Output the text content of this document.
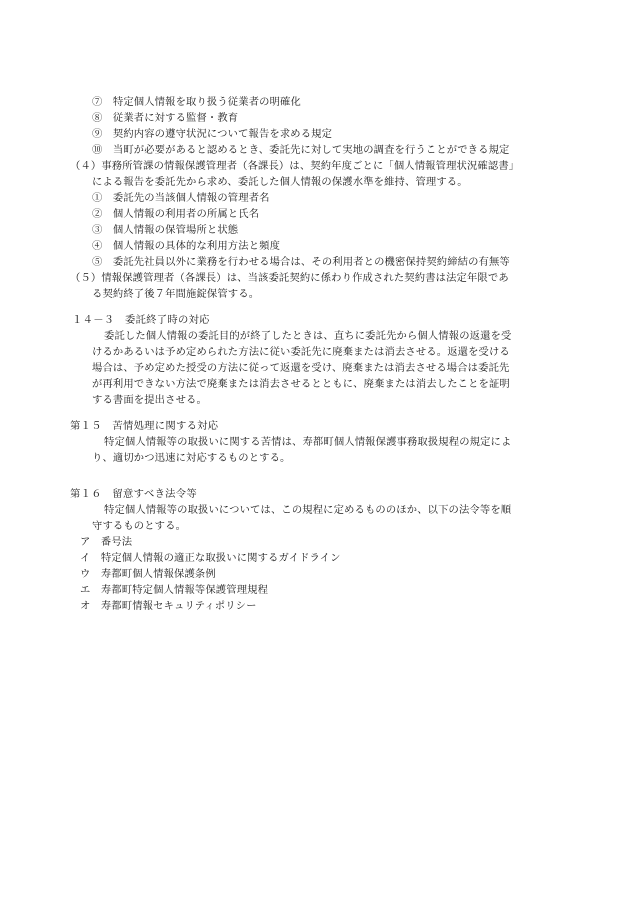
⑦　特定個人情報を取り扱う従業者の明確化
⑧　従業者に対する監督・教育
⑨　契約内容の遵守状況について報告を求める規定
⑩　当町が必要があると認めるとき、委託先に対して実地の調査を行うことができる規定
（４）事務所管課の情報保護管理者（各課長）は、契約年度ごとに「個人情報管理状況確認書」
による報告を委託先から求め、委託した個人情報の保護水準を維持、管理する。
①　委託先の当該個人情報の管理者名
②　個人情報の利用者の所属と氏名
③　個人情報の保管場所と状態
④　個人情報の具体的な利用方法と頻度
⑤　委託先社員以外に業務を行わせる場合は、その利用者との機密保持契約締結の有無等
（５）情報保護管理者（各課長）は、当該委託契約に係わり作成された契約書は法定年限であ
る契約終了後７年間施錠保管する。
１４－３　委託終了時の対応
委託した個人情報の委託目的が終了したときは、直ちに委託先から個人情報の返還を受
けるかあるいは予め定められた方法に従い委託先に廃棄または消去させる。返還を受ける
場合は、予め定めた授受の方法に従って返還を受け、廃棄または消去させる場合は委託先
が再利用できない方法で廃棄または消去させるとともに、廃棄または消去したことを証明
する書面を提出させる。
第１５　苦情処理に関する対応
特定個人情報等の取扱いに関する苦情は、寿都町個人情報保護事務取扱規程の規定によ
り、適切かつ迅速に対応するものとする。
第１６　留意すべき法令等
特定個人情報等の取扱いについては、この規程に定めるもののほか、以下の法令等を順
守するものとする。
ア　番号法
イ　特定個人情報の適正な取扱いに関するガイドライン
ウ　寿都町個人情報保護条例
エ　寿都町特定個人情報等保護管理規程
オ　寿都町情報セキュリティポリシー
